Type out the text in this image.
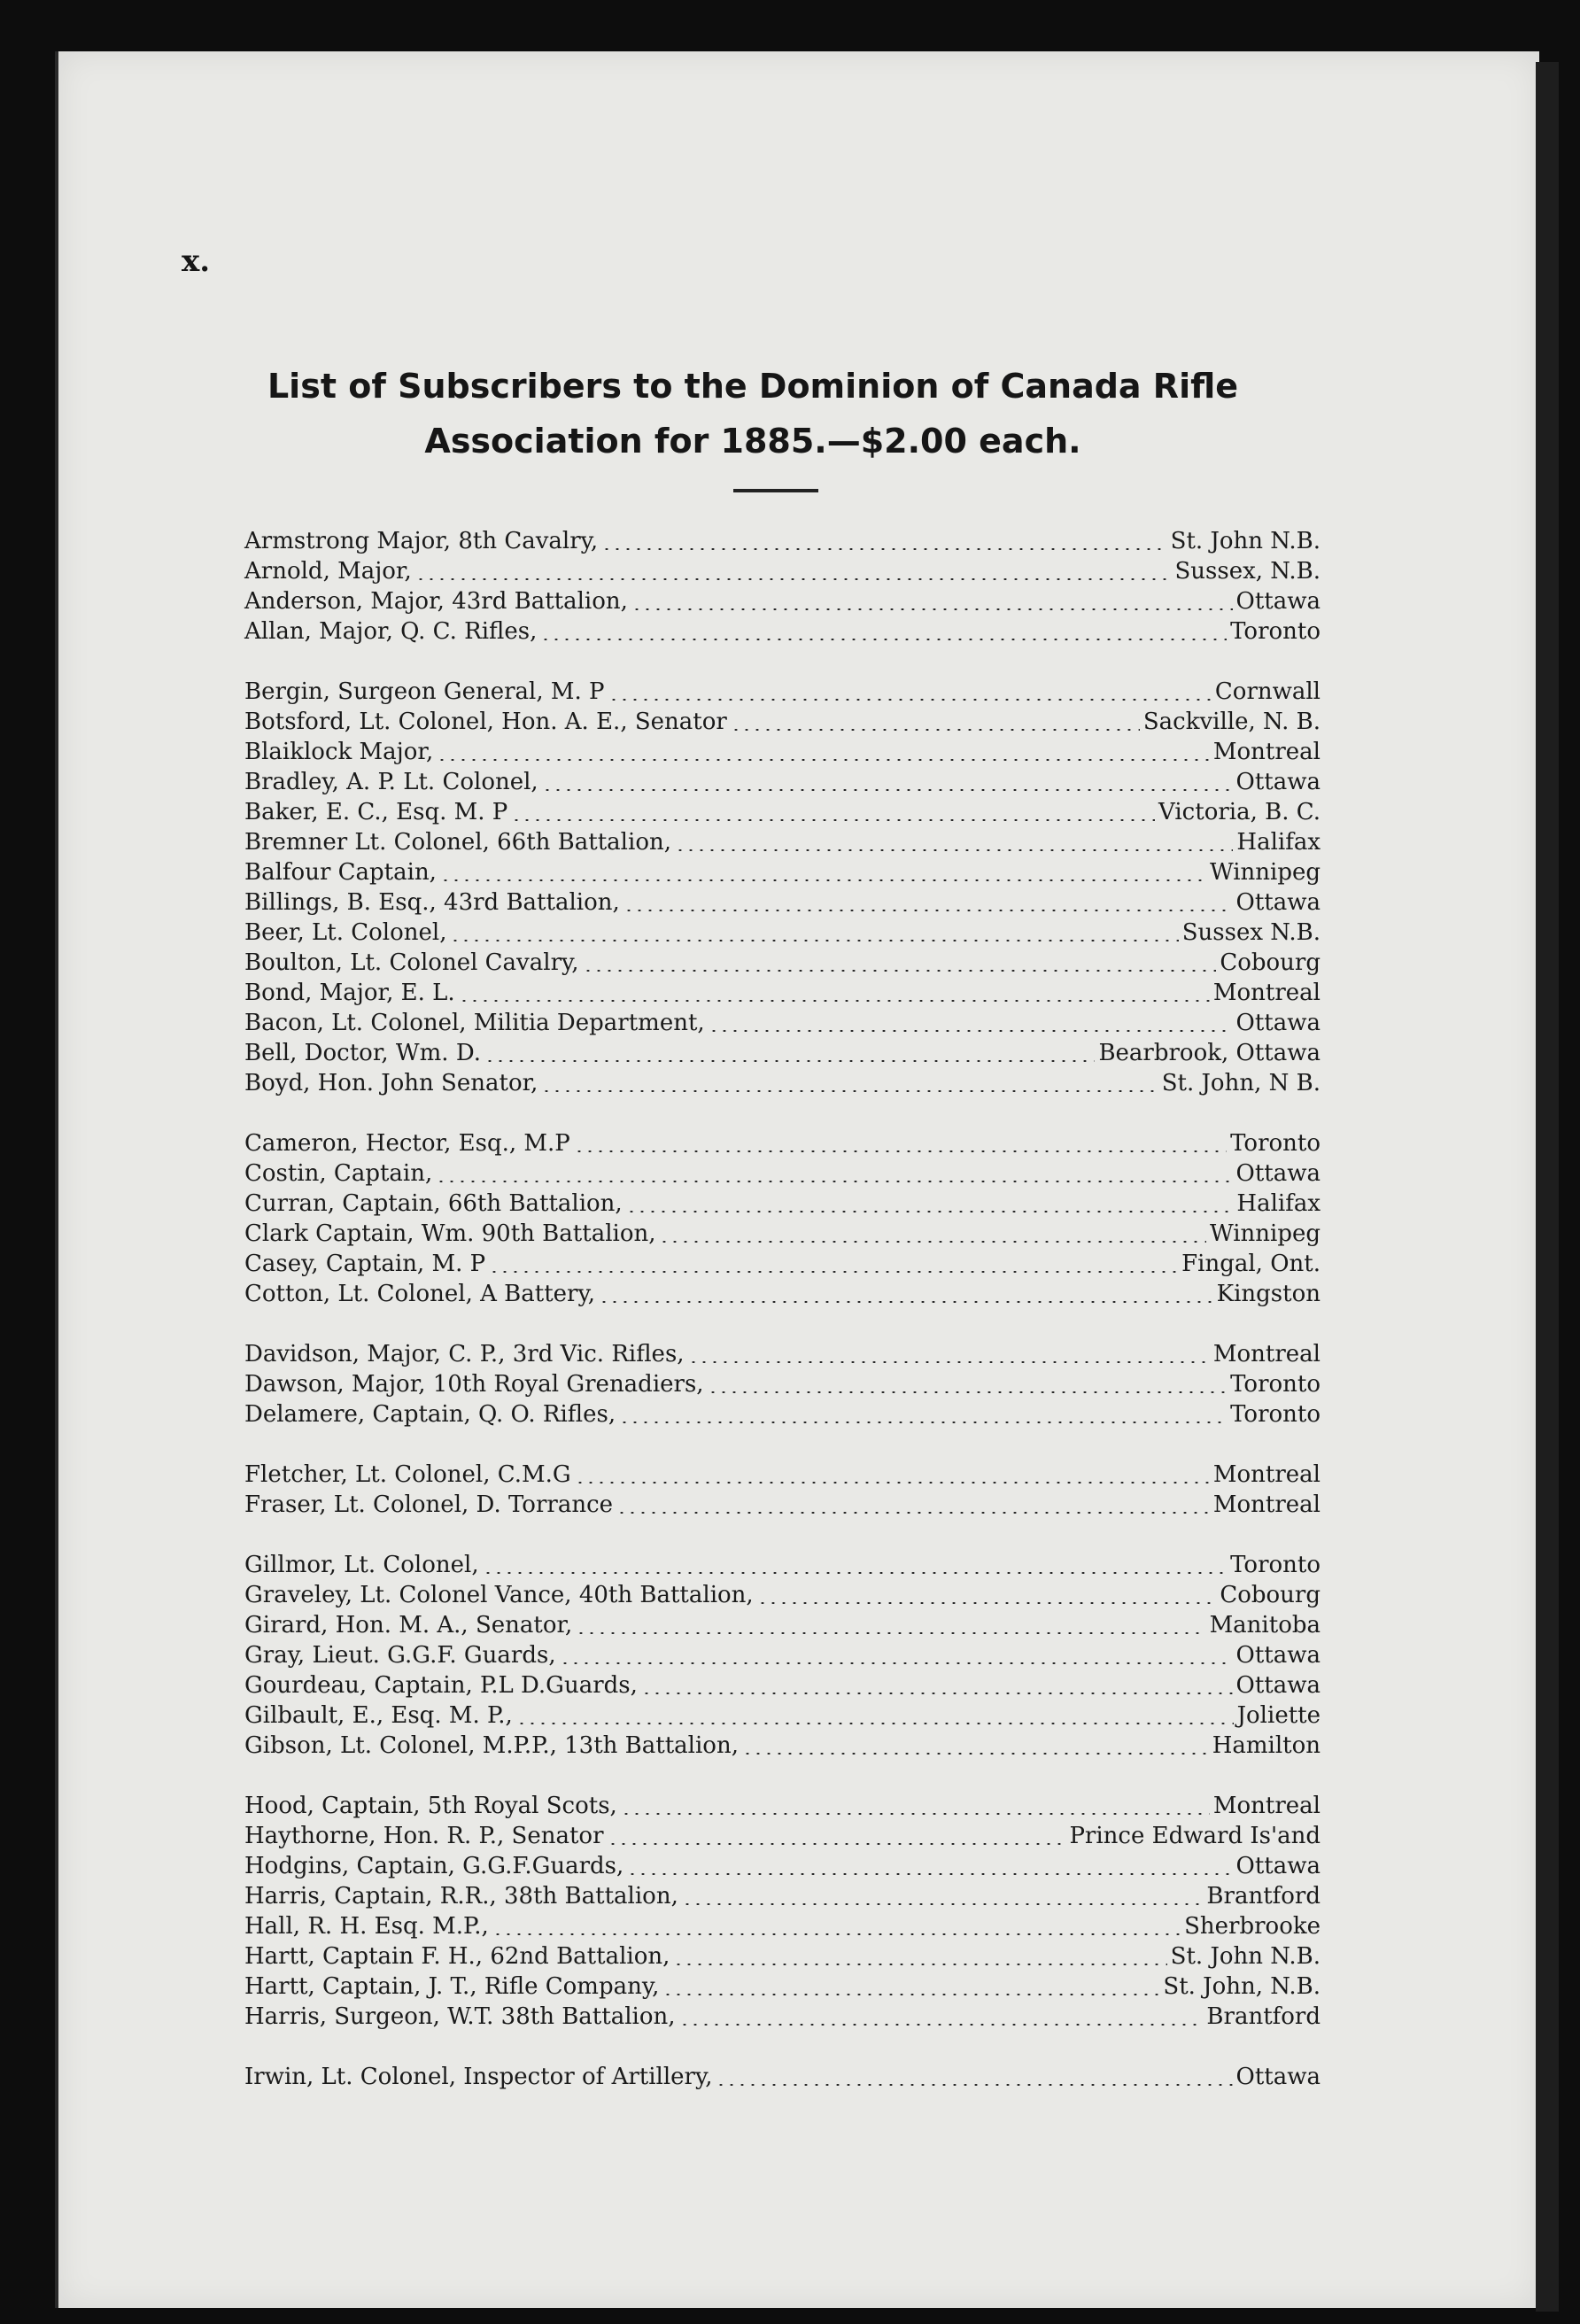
x.
List of Subscribers to the Dominion of Canada Rifle
Association for 1885.—$2.00 each.
Armstrong Major, 8th Cavalry,	St. John N.B.
Arnold, Major,	Sussex, N.B.
Anderson, Major, 43rd Battalion,	Ottawa
Allan, Major, Q. C. Rifles,	Toronto
Bergin, Surgeon General, M. P	Cornwall
Botsford, Lt. Colonel, Hon. A. E., Senator	Sackville, N. B.
Blaiklock Major,	Montreal
Bradley, A. P. Lt. Colonel,	Ottawa
Baker, E. C., Esq. M. P	Victoria, B. C.
Bremner Lt. Colonel, 66th Battalion,	Halifax
Balfour Captain,	Winnipeg
Billings, B. Esq., 43rd Battalion,	Ottawa
Beer, Lt. Colonel,	Sussex N.B.
Boulton, Lt. Colonel Cavalry,	Cobourg
Bond, Major, E. L.	Montreal
Bacon, Lt. Colonel, Militia Department,	Ottawa
Bell, Doctor, Wm. D.	Bearbrook, Ottawa
Boyd, Hon. John Senator,	St. John, N B.
Cameron, Hector, Esq., M.P	Toronto
Costin, Captain,	Ottawa
Curran, Captain, 66th Battalion,	Halifax
Clark Captain, Wm. 90th Battalion,	Winnipeg
Casey, Captain, M. P	Fingal, Ont.
Cotton, Lt. Colonel, A Battery,	Kingston
Davidson, Major, C. P., 3rd Vic. Rifles,	Montreal
Dawson, Major, 10th Royal Grenadiers,	Toronto
Delamere, Captain, Q. O. Rifles,	Toronto
Fletcher, Lt. Colonel, C.M.G	Montreal
Fraser, Lt. Colonel, D. Torrance	Montreal
Gillmor, Lt. Colonel,	Toronto
Graveley, Lt. Colonel Vance, 40th Battalion,	Cobourg
Girard, Hon. M. A., Senator,	Manitoba
Gray, Lieut. G.G.F. Guards,	Ottawa
Gourdeau, Captain, P.L D.Guards,	Ottawa
Gilbault, E., Esq. M. P.,	Joliette
Gibson, Lt. Colonel, M.P.P., 13th Battalion,	Hamilton
Hood, Captain, 5th Royal Scots,	Montreal
Haythorne, Hon. R. P., Senator	Prince Edward Is'and
Hodgins, Captain, G.G.F.Guards,	Ottawa
Harris, Captain, R.R., 38th Battalion,	Brantford
Hall, R. H. Esq. M.P.,	Sherbrooke
Hartt, Captain F. H., 62nd Battalion,	St. John N.B.
Hartt, Captain, J. T., Rifle Company,	St. John, N.B.
Harris, Surgeon, W.T. 38th Battalion,	Brantford
Irwin, Lt. Colonel, Inspector of Artillery,	Ottawa
